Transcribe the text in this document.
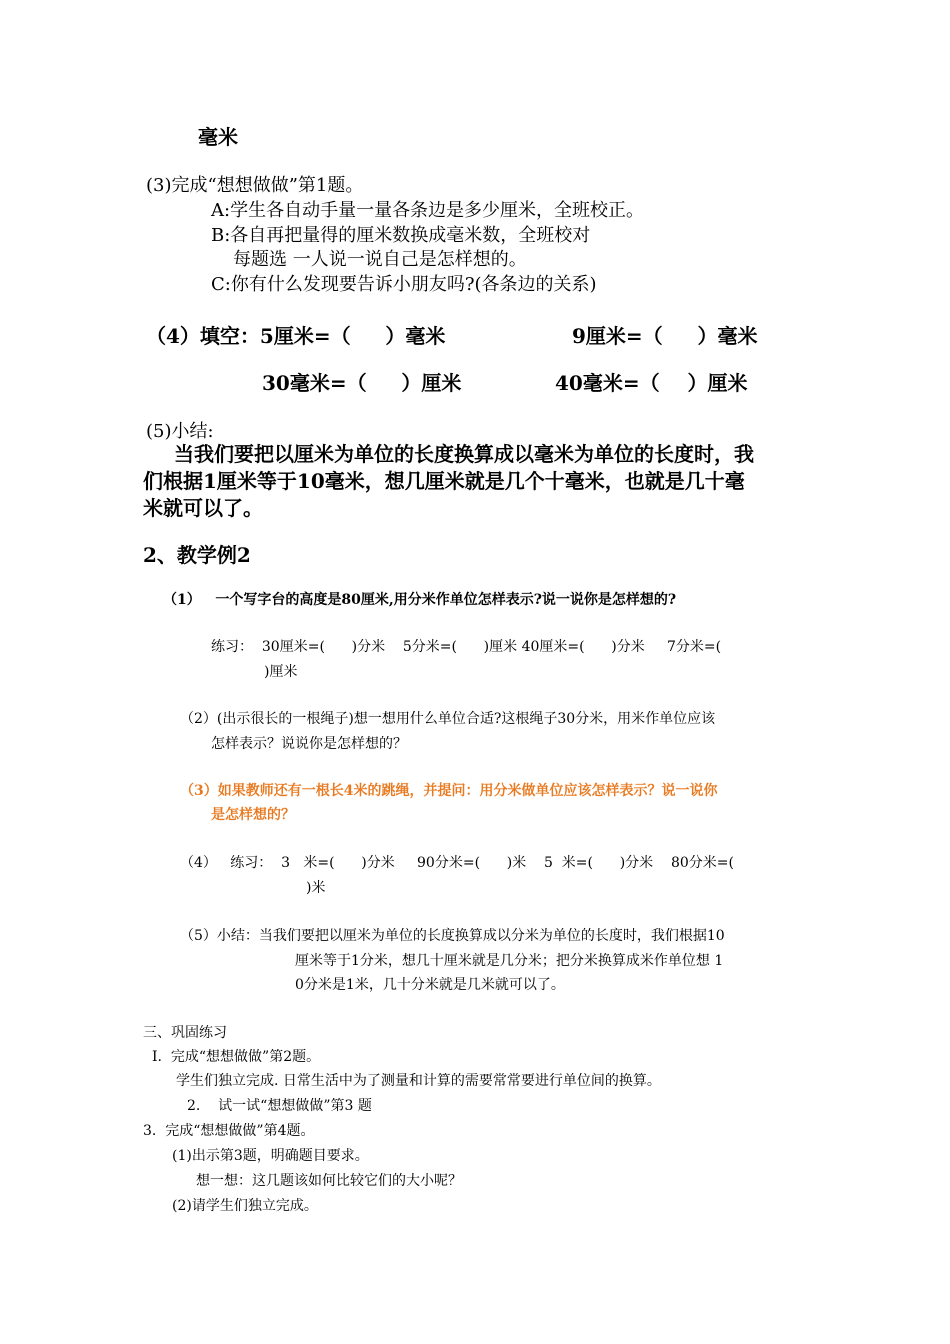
毫米
(3)完成“想想做做”第1题。
A:学生各自动手量一量各条边是多少厘米，全班校正。
B:各自再把量得的厘米数换成毫米数，全班校对
每题选 一人说一说自己是怎样想的。
C:你有什么发现要告诉小朋友吗?(各条边的关系)
（4）填空：5厘米=（     ）毫米	9厘米=（     ）毫米
30毫米=（     ）厘米	40毫米=（    ）厘米
(5)小结:
当我们要把以厘米为单位的长度换算成以毫米为单位的长度时，我
们根据1厘米等于10毫米，想几厘米就是几个十毫米，也就是几十毫
米就可以了。
2、教学例2
（1）   一个写字台的高度是80厘米,用分米作单位怎样表示?说一说你是怎样想的?
练习：  30厘米=(      )分米    5分米=(      )厘米 40厘米=(      )分米     7分米=(
)厘米
（2）(出示很长的一根绳子)想一想用什么单位合适?这根绳子30分米，用米作单位应该
怎样表示？说说你是怎样想的？
（3）如果教师还有一根长4米的跳绳，并提问：用分米做单位应该怎样表示？说一说你
是怎样想的？
（4）   练习：  3   米=(      )分米     90分米=(      )米    5  米=(      )分米    80分米=(
)米
（5）小结：当我们要把以厘米为单位的长度换算成以分米为单位的长度时，我们根据10
厘米等于1分米，想几十厘米就是几分米；把分米换算成米作单位想 1
0分米是1米，几十分米就是几米就可以了。
三、巩固练习
I.  完成“想想做做”第2题。
学生们独立完成. 日常生活中为了测量和计算的需要常常要进行单位间的换算。
2.    试一试“想想做做”第3 题
3.  完成“想想做做”第4题。
(1)出示第3题，明确题目要求。
想一想：这几题该如何比较它们的大小呢？
(2)请学生们独立完成。
